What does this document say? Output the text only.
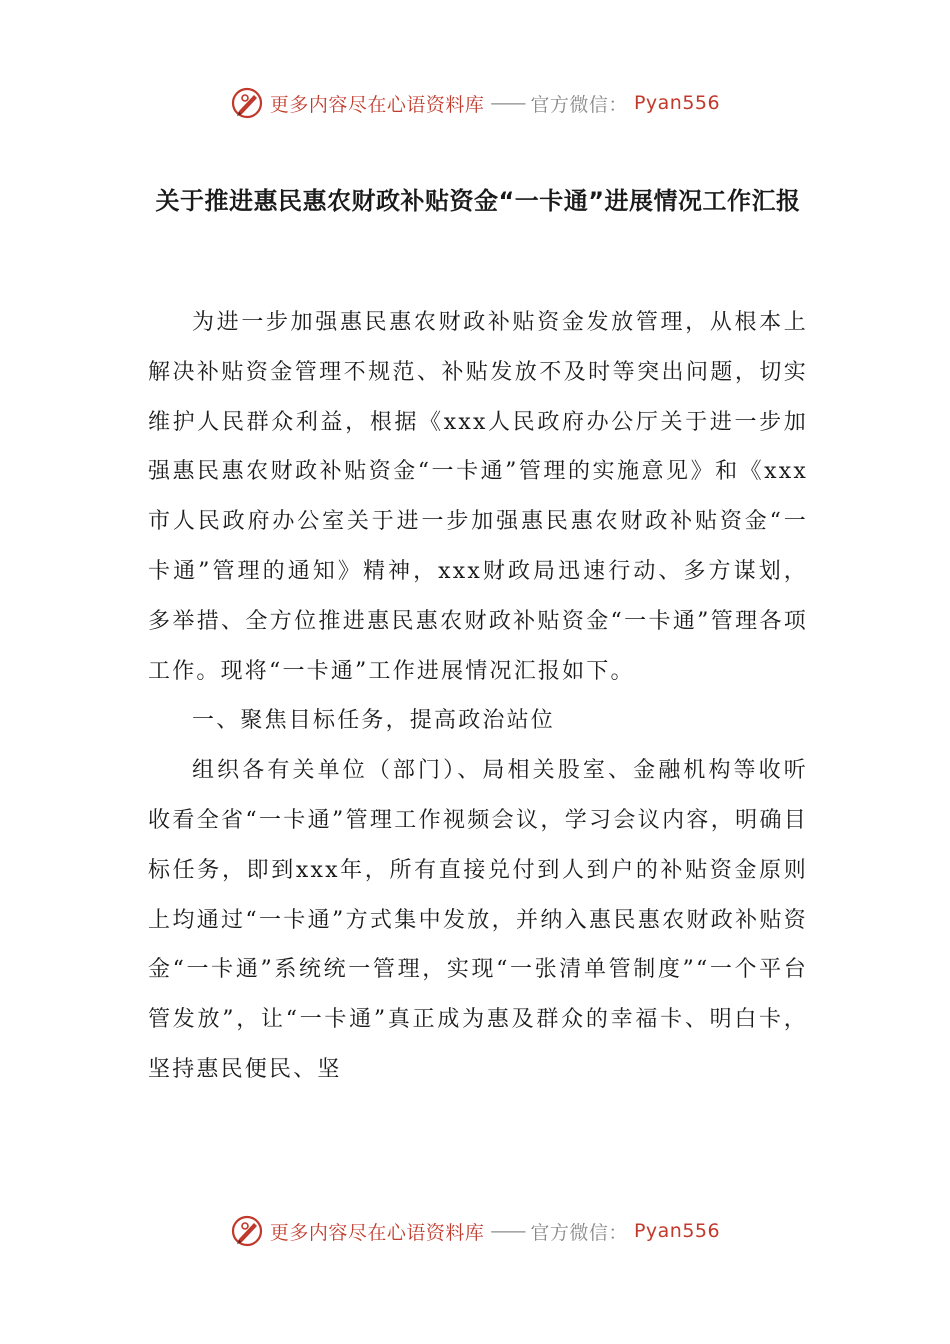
更多内容尽在心语资料库 —— 官方微信： Pyan556
关于推进惠民惠农财政补贴资金“一卡通”进展情况工作汇报

为进一步加强惠民惠农财政补贴资金发放管理，从根本上解决补贴资金管理不规范、补贴发放不及时等突出问题，切实维护人民群众利益，根据《xxx人民政府办公厅关于进一步加强惠民惠农财政补贴资金“一卡通”管理的实施意见》和《xxx市人民政府办公室关于进一步加强惠民惠农财政补贴资金“一卡通”管理的通知》精神，xxx财政局迅速行动、多方谋划，多举措、全方位推进惠民惠农财政补贴资金“一卡通”管理各项工作。现将“一卡通”工作进展情况汇报如下。

一、聚焦目标任务，提高政治站位

组织各有关单位（部门）、局相关股室、金融机构等收听收看全省“一卡通”管理工作视频会议，学习会议内容，明确目标任务，即到xxx年，所有直接兑付到人到户的补贴资金原则上均通过“一卡通”方式集中发放，并纳入惠民惠农财政补贴资金“一卡通”系统统一管理，实现“一张清单管制度”“一个平台管发放”，让“一卡通”真正成为惠及群众的幸福卡、明白卡，坚持惠民便民、坚

更多内容尽在心语资料库 —— 官方微信： Pyan556
